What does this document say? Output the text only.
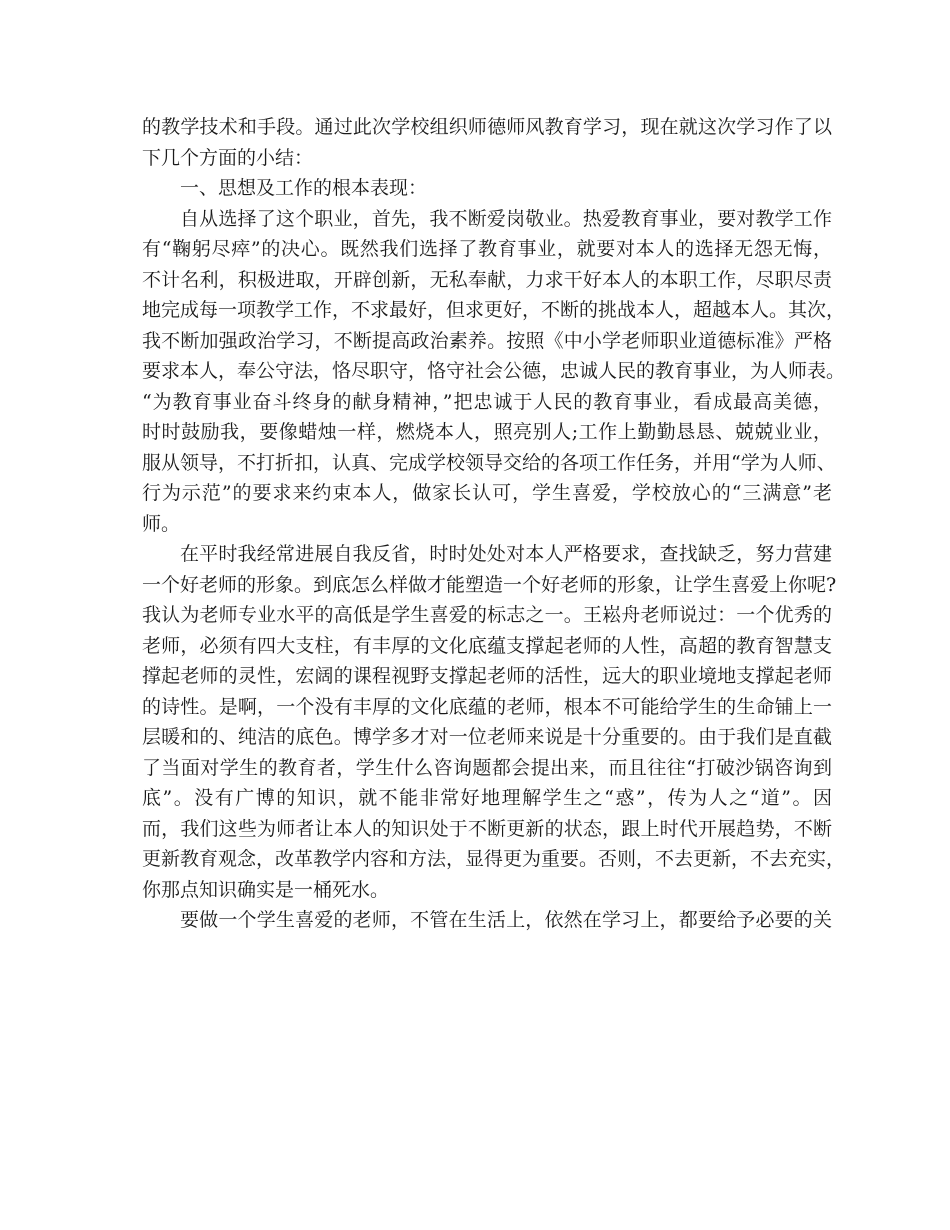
的教学技术和手段。通过此次学校组织师德师风教育学习，现在就这次学习作了以
下几个方面的小结：
一、思想及工作的根本表现：
自从选择了这个职业，首先，我不断爱岗敬业。热爱教育事业，要对教学工作
有“鞠躬尽瘁”的决心。既然我们选择了教育事业，就要对本人的选择无怨无悔，
不计名利，积极进取，开辟创新，无私奉献，力求干好本人的本职工作，尽职尽责
地完成每一项教学工作，不求最好，但求更好，不断的挑战本人，超越本人。其次，
我不断加强政治学习，不断提高政治素养。按照《中小学老师职业道德标准》严格
要求本人，奉公守法，恪尽职守，恪守社会公德，忠诚人民的教育事业，为人师表。
“为教育事业奋斗终身的献身精神，”把忠诚于人民的教育事业，看成最高美德，
时时鼓励我，要像蜡烛一样，燃烧本人，照亮别人;工作上勤勤恳恳、兢兢业业，
服从领导，不打折扣，认真、完成学校领导交给的各项工作任务，并用“学为人师、
行为示范”的要求来约束本人，做家长认可，学生喜爱，学校放心的“三满意”老
师。
在平时我经常进展自我反省，时时处处对本人严格要求，查找缺乏，努力营建
一个好老师的形象。到底怎么样做才能塑造一个好老师的形象，让学生喜爱上你呢?
我认为老师专业水平的高低是学生喜爱的标志之一。王崧舟老师说过：一个优秀的
老师，必须有四大支柱，有丰厚的文化底蕴支撑起老师的人性，高超的教育智慧支
撑起老师的灵性，宏阔的课程视野支撑起老师的活性，远大的职业境地支撑起老师
的诗性。是啊，一个没有丰厚的文化底蕴的老师，根本不可能给学生的生命铺上一
层暖和的、纯洁的底色。博学多才对一位老师来说是十分重要的。由于我们是直截
了当面对学生的教育者，学生什么咨询题都会提出来，而且往往“打破沙锅咨询到
底”。没有广博的知识，就不能非常好地理解学生之“惑”，传为人之“道”。因
而，我们这些为师者让本人的知识处于不断更新的状态，跟上时代开展趋势，不断
更新教育观念，改革教学内容和方法，显得更为重要。否则，不去更新，不去充实，
你那点知识确实是一桶死水。
要做一个学生喜爱的老师，不管在生活上，依然在学习上，都要给予必要的关
